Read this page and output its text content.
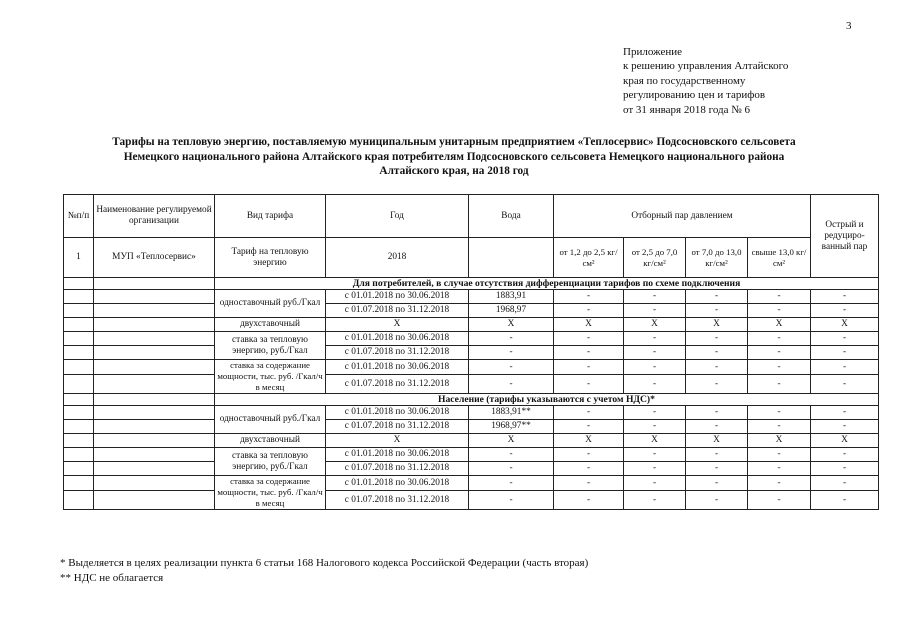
3
Приложение
к решению управления Алтайского
края по государственному
регулированию цен и тарифов
от 31 января 2018 года № 6
Тарифы на тепловую энергию, поставляемую муниципальным унитарным предприятием «Теплосервис» Подсосновского сельсовета
Немецкого национального района Алтайского края потребителям Подсосновского сельсовета Немецкого национального района
Алтайского края, на 2018 год
№п/п	Наименование регулируемой организации	Вид тарифа	Год	Вода	Отборный пар давлением				Острый и редуциро-ванный пар
1	МУП «Теплосервис»	Тариф на тепловую энергию	2018		от 1,2 до 2,5 кг/см²	от 2,5 до 7,0 кг/см²	от 7,0 до 13,0 кг/см²	свыше 13,0 кг/см²	
		Для потребителей, в случае отсутствия дифференциации тарифов по схеме подключения							
		одноставочный руб./Гкал	с 01.01.2018 по 30.06.2018	1883,91	-	-	-	-	-
			с 01.07.2018 по 31.12.2018	1968,97	-	-	-	-	-
		двухставочный	Х	Х	Х	Х	Х	Х	Х
		ставка за тепловую энергию, руб./Гкал	с 01.01.2018 по 30.06.2018	-	-	-	-	-	-
			с 01.07.2018 по 31.12.2018	-	-	-	-	-	-
		ставка за содержание мощности, тыс. руб. /Гкал/ч в месяц	с 01.01.2018 по 30.06.2018	-	-	-	-	-	-
			с 01.07.2018 по 31.12.2018	-	-	-	-	-	-
		Население (тарифы указываются с учетом НДС)*							
		одноставочный руб./Гкал	с 01.01.2018 по 30.06.2018	1883,91**	-	-	-	-	-
			с 01.07.2018 по 31.12.2018	1968,97**	-	-	-	-	-
		двухставочный	Х	Х	Х	Х	Х	Х	Х
		ставка за тепловую энергию, руб./Гкал	с 01.01.2018 по 30.06.2018	-	-	-	-	-	-
			с 01.07.2018 по 31.12.2018	-	-	-	-	-	-
		ставка за содержание мощности, тыс. руб. /Гкал/ч в месяц	с 01.01.2018 по 30.06.2018	-	-	-	-	-	-
			с 01.07.2018 по 31.12.2018	-	-	-	-	-	-
* Выделяется в целях реализации пункта 6 статьи 168 Налогового кодекса Российской Федерации (часть вторая)
** НДС не облагается
